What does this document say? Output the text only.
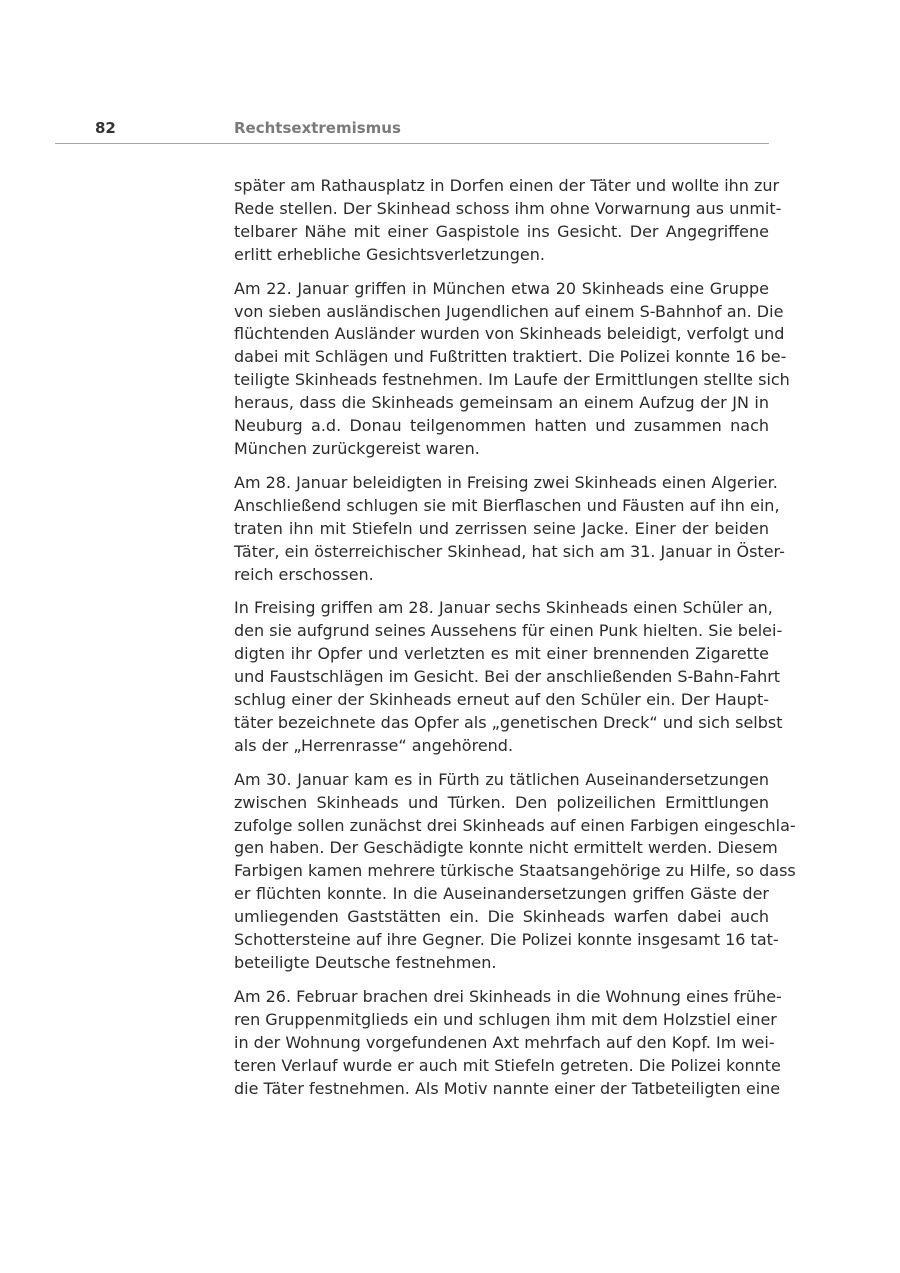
82	Rechtsextremismus

später am Rathausplatz in Dorfen einen der Täter und wollte ihn zur
Rede stellen. Der Skinhead schoss ihm ohne Vorwarnung aus unmit-
telbarer Nähe mit einer Gaspistole ins Gesicht. Der Angegriffene
erlitt erhebliche Gesichtsverletzungen.

Am 22. Januar griffen in München etwa 20 Skinheads eine Gruppe
von sieben ausländischen Jugendlichen auf einem S-Bahnhof an. Die
flüchtenden Ausländer wurden von Skinheads beleidigt, verfolgt und
dabei mit Schlägen und Fußtritten traktiert. Die Polizei konnte 16 be-
teiligte Skinheads festnehmen. Im Laufe der Ermittlungen stellte sich
heraus, dass die Skinheads gemeinsam an einem Aufzug der JN in
Neuburg a.d. Donau teilgenommen hatten und zusammen nach
München zurückgereist waren.

Am 28. Januar beleidigten in Freising zwei Skinheads einen Algerier.
Anschließend schlugen sie mit Bierflaschen und Fäusten auf ihn ein,
traten ihn mit Stiefeln und zerrissen seine Jacke. Einer der beiden
Täter, ein österreichischer Skinhead, hat sich am 31. Januar in Öster-
reich erschossen.

In Freising griffen am 28. Januar sechs Skinheads einen Schüler an,
den sie aufgrund seines Aussehens für einen Punk hielten. Sie belei-
digten ihr Opfer und verletzten es mit einer brennenden Zigarette
und Faustschlägen im Gesicht. Bei der anschließenden S-Bahn-Fahrt
schlug einer der Skinheads erneut auf den Schüler ein. Der Haupt-
täter bezeichnete das Opfer als „genetischen Dreck“ und sich selbst
als der „Herrenrasse“ angehörend.

Am 30. Januar kam es in Fürth zu tätlichen Auseinandersetzungen
zwischen Skinheads und Türken. Den polizeilichen Ermittlungen
zufolge sollen zunächst drei Skinheads auf einen Farbigen eingeschla-
gen haben. Der Geschädigte konnte nicht ermittelt werden. Diesem
Farbigen kamen mehrere türkische Staatsangehörige zu Hilfe, so dass
er flüchten konnte. In die Auseinandersetzungen griffen Gäste der
umliegenden Gaststätten ein. Die Skinheads warfen dabei auch
Schottersteine auf ihre Gegner. Die Polizei konnte insgesamt 16 tat-
beteiligte Deutsche festnehmen.

Am 26. Februar brachen drei Skinheads in die Wohnung eines frühe-
ren Gruppenmitglieds ein und schlugen ihm mit dem Holzstiel einer
in der Wohnung vorgefundenen Axt mehrfach auf den Kopf. Im wei-
teren Verlauf wurde er auch mit Stiefeln getreten. Die Polizei konnte
die Täter festnehmen. Als Motiv nannte einer der Tatbeteiligten eine
